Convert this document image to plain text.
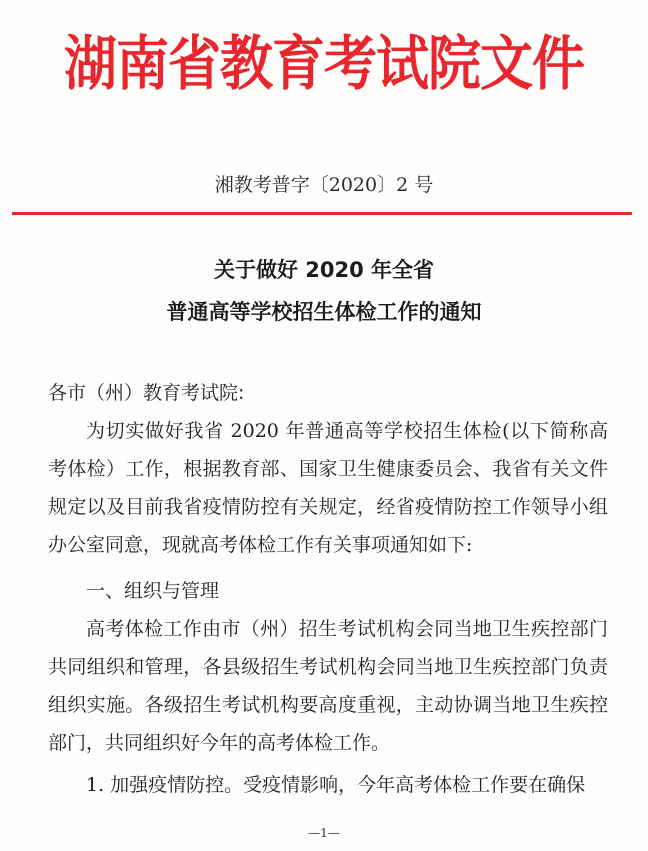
湖南省教育考试院文件
湘教考普字〔2020〕2 号
关于做好 2020 年全省
普通高等学校招生体检工作的通知
各市（州）教育考试院:
为切实做好我省 2020 年普通高等学校招生体检(以下简称高考体检）工作，根据教育部、国家卫生健康委员会、我省有关文件规定以及目前我省疫情防控有关规定，经省疫情防控工作领导小组办公室同意，现就高考体检工作有关事项通知如下:
一、组织与管理
高考体检工作由市（州）招生考试机构会同当地卫生疾控部门共同组织和管理，各县级招生考试机构会同当地卫生疾控部门负责组织实施。各级招生考试机构要高度重视，主动协调当地卫生疾控部门，共同组织好今年的高考体检工作。
1. 加强疫情防控。受疫情影响，今年高考体检工作要在确保
—1—
